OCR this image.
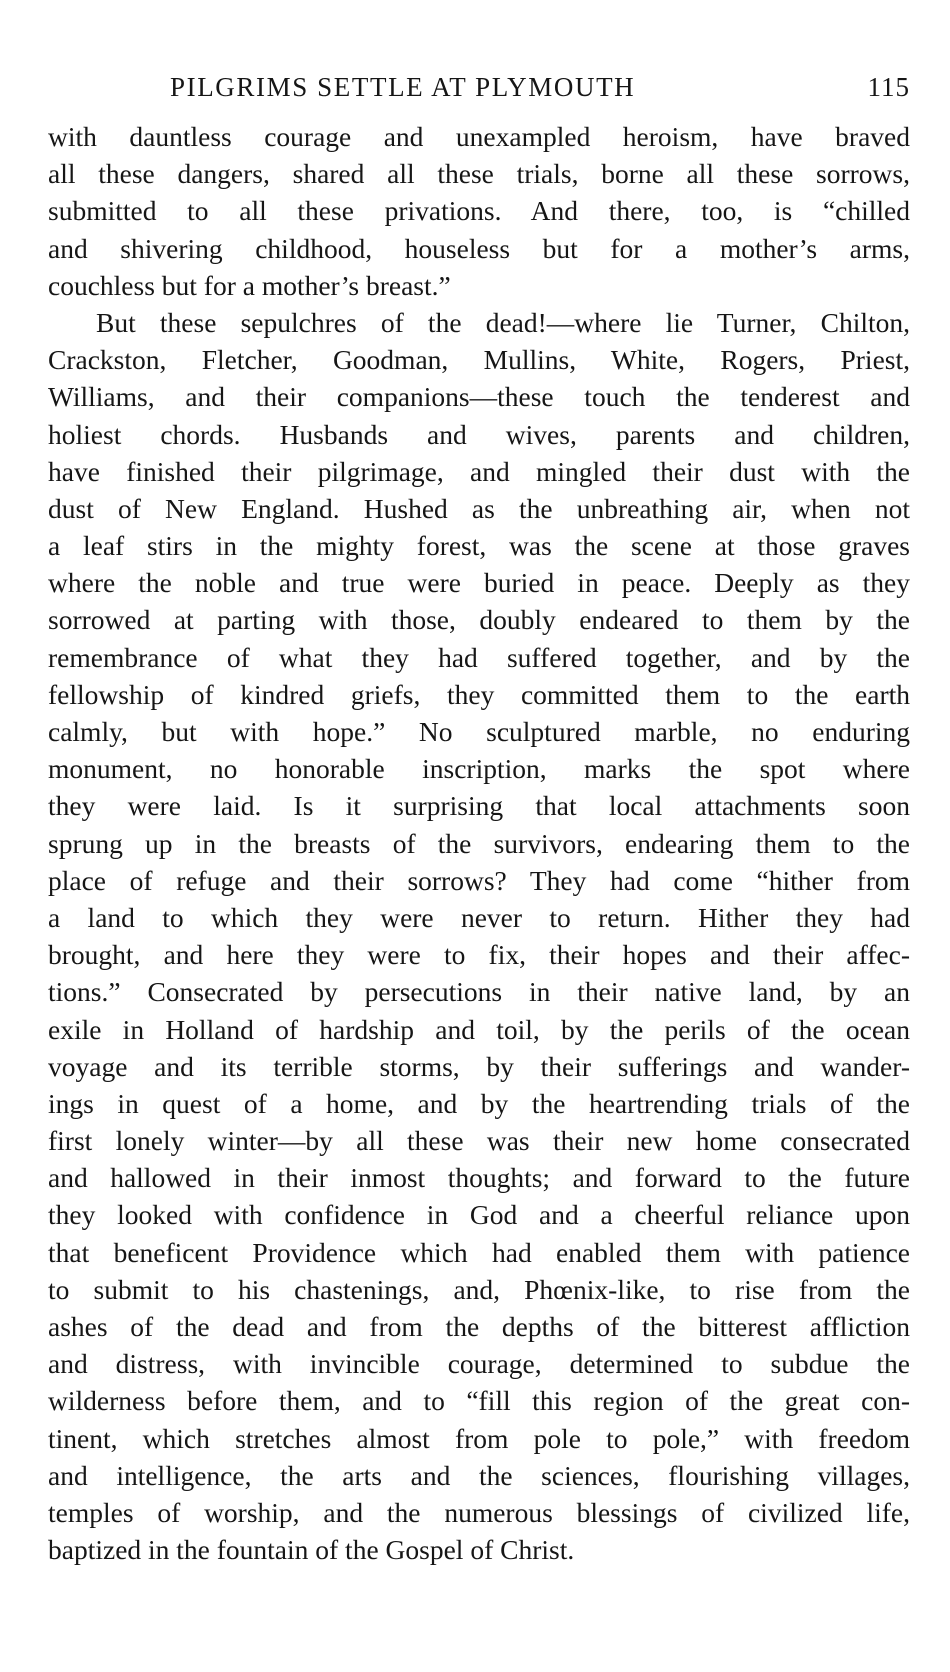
PILGRIMS SETTLE AT PLYMOUTH	115
with dauntless courage and unexampled heroism, have braved
all these dangers, shared all these trials, borne all these sorrows,
submitted to all these privations. And there, too, is “chilled
and shivering childhood, houseless but for a mother’s arms,
couchless but for a mother’s breast.”
But these sepulchres of the dead!—where lie Turner, Chilton,
Crackston, Fletcher, Goodman, Mullins, White, Rogers, Priest,
Williams, and their companions—these touch the tenderest and
holiest chords. Husbands and wives, parents and children,
have finished their pilgrimage, and mingled their dust with the
dust of New England. Hushed as the unbreathing air, when not
a leaf stirs in the mighty forest, was the scene at those graves
where the noble and true were buried in peace. Deeply as they
sorrowed at parting with those, doubly endeared to them by the
remembrance of what they had suffered together, and by the
fellowship of kindred griefs, they committed them to the earth
calmly, but with hope.” No sculptured marble, no enduring
monument, no honorable inscription, marks the spot where
they were laid. Is it surprising that local attachments soon
sprung up in the breasts of the survivors, endearing them to the
place of refuge and their sorrows? They had come “hither from
a land to which they were never to return. Hither they had
brought, and here they were to fix, their hopes and their affec-
tions.” Consecrated by persecutions in their native land, by an
exile in Holland of hardship and toil, by the perils of the ocean
voyage and its terrible storms, by their sufferings and wander-
ings in quest of a home, and by the heartrending trials of the
first lonely winter—by all these was their new home consecrated
and hallowed in their inmost thoughts; and forward to the future
they looked with confidence in God and a cheerful reliance upon
that beneficent Providence which had enabled them with patience
to submit to his chastenings, and, Phœnix-like, to rise from the
ashes of the dead and from the depths of the bitterest affliction
and distress, with invincible courage, determined to subdue the
wilderness before them, and to “fill this region of the great con-
tinent, which stretches almost from pole to pole,” with freedom
and intelligence, the arts and the sciences, flourishing villages,
temples of worship, and the numerous blessings of civilized life,
baptized in the fountain of the Gospel of Christ.
